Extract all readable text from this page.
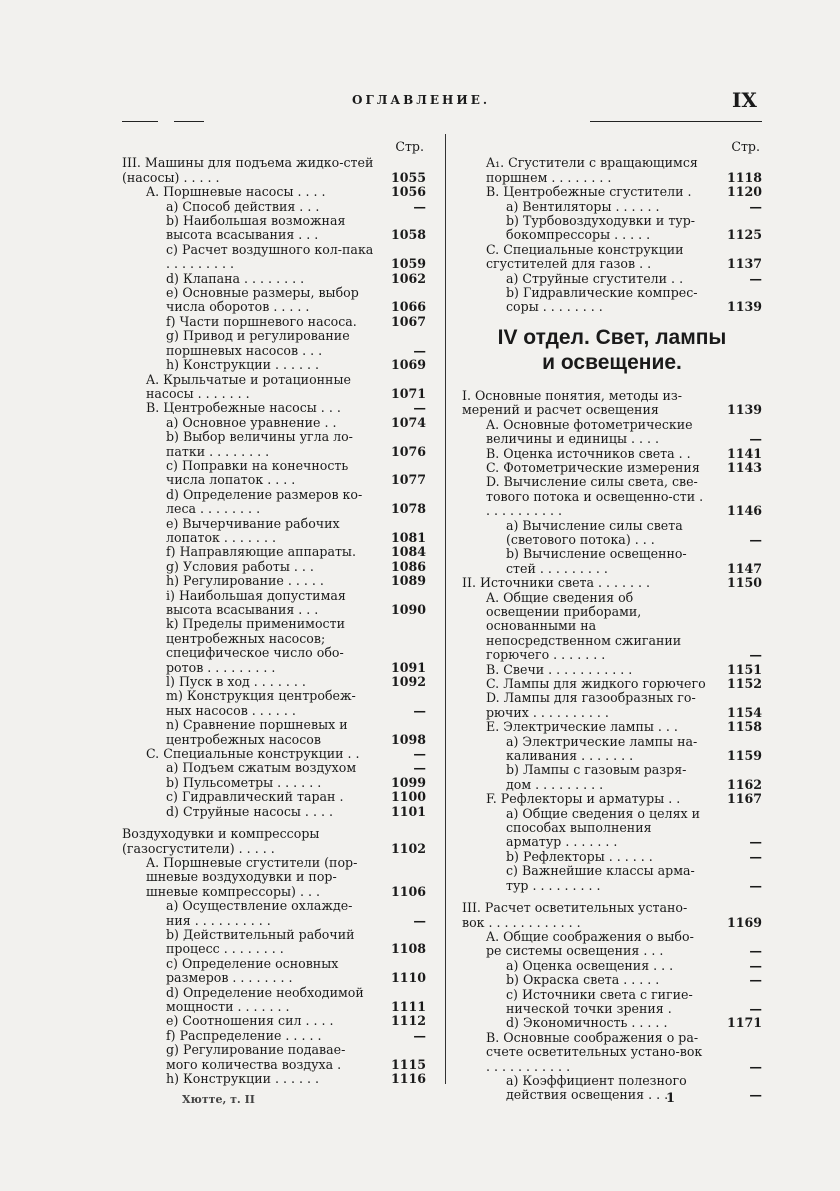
ОГЛАВЛЕНИЕ.	IX
Стр.
III. Машины для подъема жидко-стей (насосы) . . . . .	1055
A. Поршневые насосы . . . .	1056
a) Способ действия . . .	—
b) Наибольшая возможная высота всасывания . . .	1058
c) Расчет воздушного кол-пака . . . . . . . . .	1059
d) Клапана . . . . . . . .	1062
e) Основные размеры, выбор числа оборотов . . . . .	1066
f) Части поршневого насоса.	1067
g) Привод и регулирование поршневых насосов . . .	—
h) Конструкции . . . . . .	1069
A. Крыльчатые и ротационные насосы . . . . . . .	1071
B. Центробежные насосы . . .	—
a) Основное уравнение . .	1074
b) Выбор величины угла ло-патки . . . . . . . .	1076
c) Поправки на конечность числа лопаток . . . .	1077
d) Определение размеров ко-леса . . . . . . . .	1078
e) Вычерчивание рабочих лопаток . . . . . . .	1081
f) Направляющие аппараты.	1084
g) Условия работы . . .	1086
h) Регулирование . . . . .	1089
i) Наибольшая допустимая высота всасывания . . .	1090
k) Пределы применимости центробежных насосов; специфическое число обо-ротов . . . . . . . . .	1091
l) Пуск в ход . . . . . . .	1092
m) Конструкция центробеж-ных насосов . . . . . .	—
n) Сравнение поршневых и центробежных насосов	1098
C. Специальные конструкции . .	—
a) Подъем сжатым воздухом	—
b) Пульсометры . . . . . .	1099
c) Гидравлический таран .	1100
d) Струйные насосы . . . .	1101
Воздуходувки и компрессоры (газосгустители) . . . . .	1102
A. Поршневые сгустители (пор-шневые воздуходувки и пор-шневые компрессоры) . . .	1106
a) Осуществление охлажде-ния . . . . . . . . . .	—
b) Действительный рабочий процесс . . . . . . . .	1108
c) Определение основных размеров . . . . . . . .	1110
d) Определение необходимой мощности . . . . . . .	1111
e) Соотношения сил . . . .	1112
f) Распределение . . . . .	—
g) Регулирование подавае-мого количества воздуха .	1115
h) Конструкции . . . . . .	1116
Стр.
A₁. Сгустители с вращающимся поршнем . . . . . . . .	1118
B. Центробежные сгустители .	1120
a) Вентиляторы . . . . . .	—
b) Турбовоздуходувки и тур-бокомпрессоры . . . . .	1125
C. Специальные конструкции сгустителей для газов . .	1137
a) Струйные сгустители . .	—
b) Гидравлические компрес-соры . . . . . . . .	1139
IV отдел. Свет, лампы
и освещение.
I. Основные понятия, методы из-мерений и расчет освещения	1139
A. Основные фотометрические величины и единицы . . . .	—
B. Оценка источников света . .	1141
C. Фотометрические измерения	1143
D. Вычисление силы света, све-тового потока и освещенно-сти . . . . . . . . . . .	1146
a) Вычисление силы света (светового потока) . . .	—
b) Вычисление освещенно-стей . . . . . . . . .	1147
II. Источники света . . . . . . .	1150
A. Общие сведения об освещении приборами, основанными на непосредственном сжигании горючего . . . . . . .	—
B. Свечи . . . . . . . . . . .	1151
C. Лампы для жидкого горючего	1152
D. Лампы для газообразных го-рючих . . . . . . . . . .	1154
E. Электрические лампы . . .	1158
a) Электрические лампы на-каливания . . . . . . .	1159
b) Лампы с газовым разря-дом . . . . . . . . .	1162
F. Рефлекторы и арматуры . .	1167
a) Общие сведения о целях и способах выполнения арматур . . . . . . .	—
b) Рефлекторы . . . . . .	—
c) Важнейшие классы арма-тур . . . . . . . . .	—
III. Расчет осветительных устано-вок . . . . . . . . . . . .	1169
A. Общие соображения о выбо-ре системы освещения . . .	—
a) Оценка освещения . . .	—
b) Окраска света . . . . .	—
c) Источники света с гигие-нической точки зрения .	—
d) Экономичность . . . . .	1171
B. Основные соображения о ра-счете осветительных устано-вок . . . . . . . . . . .	—
a) Коэффициент полезного действия освещения . . .	—
Хютте, т. II	1
